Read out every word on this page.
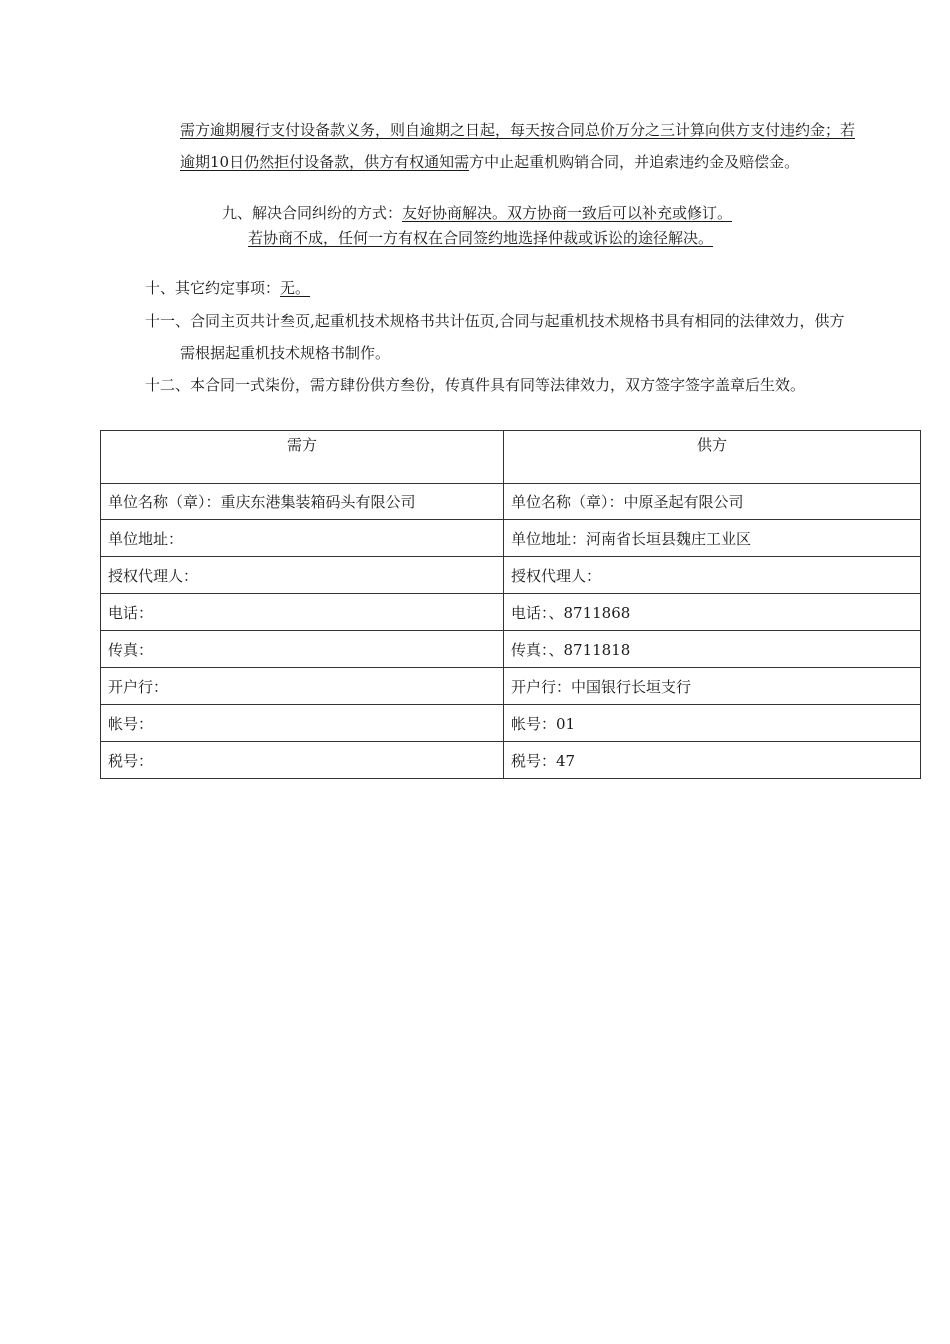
需方逾期履行支付设备款义务，则自逾期之日起，每天按合同总价万分之三计算向供方支付违约金；若
逾期10日仍然拒付设备款，供方有权通知需方中止起重机购销合同，并追索违约金及赔偿金。
九、解决合同纠纷的方式：友好协商解决。双方协商一致后可以补充或修订。
若协商不成，任何一方有权在合同签约地选择仲裁或诉讼的途径解决。
十、其它约定事项：无。
十一、合同主页共计叁页,起重机技术规格书共计伍页,合同与起重机技术规格书具有相同的法律效力，供方
需根据起重机技术规格书制作。
十二、本合同一式柒份，需方肆份供方叁份，传真件具有同等法律效力，双方签字签字盖章后生效。
需方	供方
单位名称（章）：重庆东港集装箱码头有限公司	单位名称（章）：中原圣起有限公司
单位地址：	单位地址：河南省长垣县魏庄工业区
授权代理人：	授权代理人：
电话：	电话：、8711868
传真：	传真：、8711818
开户行：	开户行：中国银行长垣支行
帐号：	帐号：01
税号：	税号：47
